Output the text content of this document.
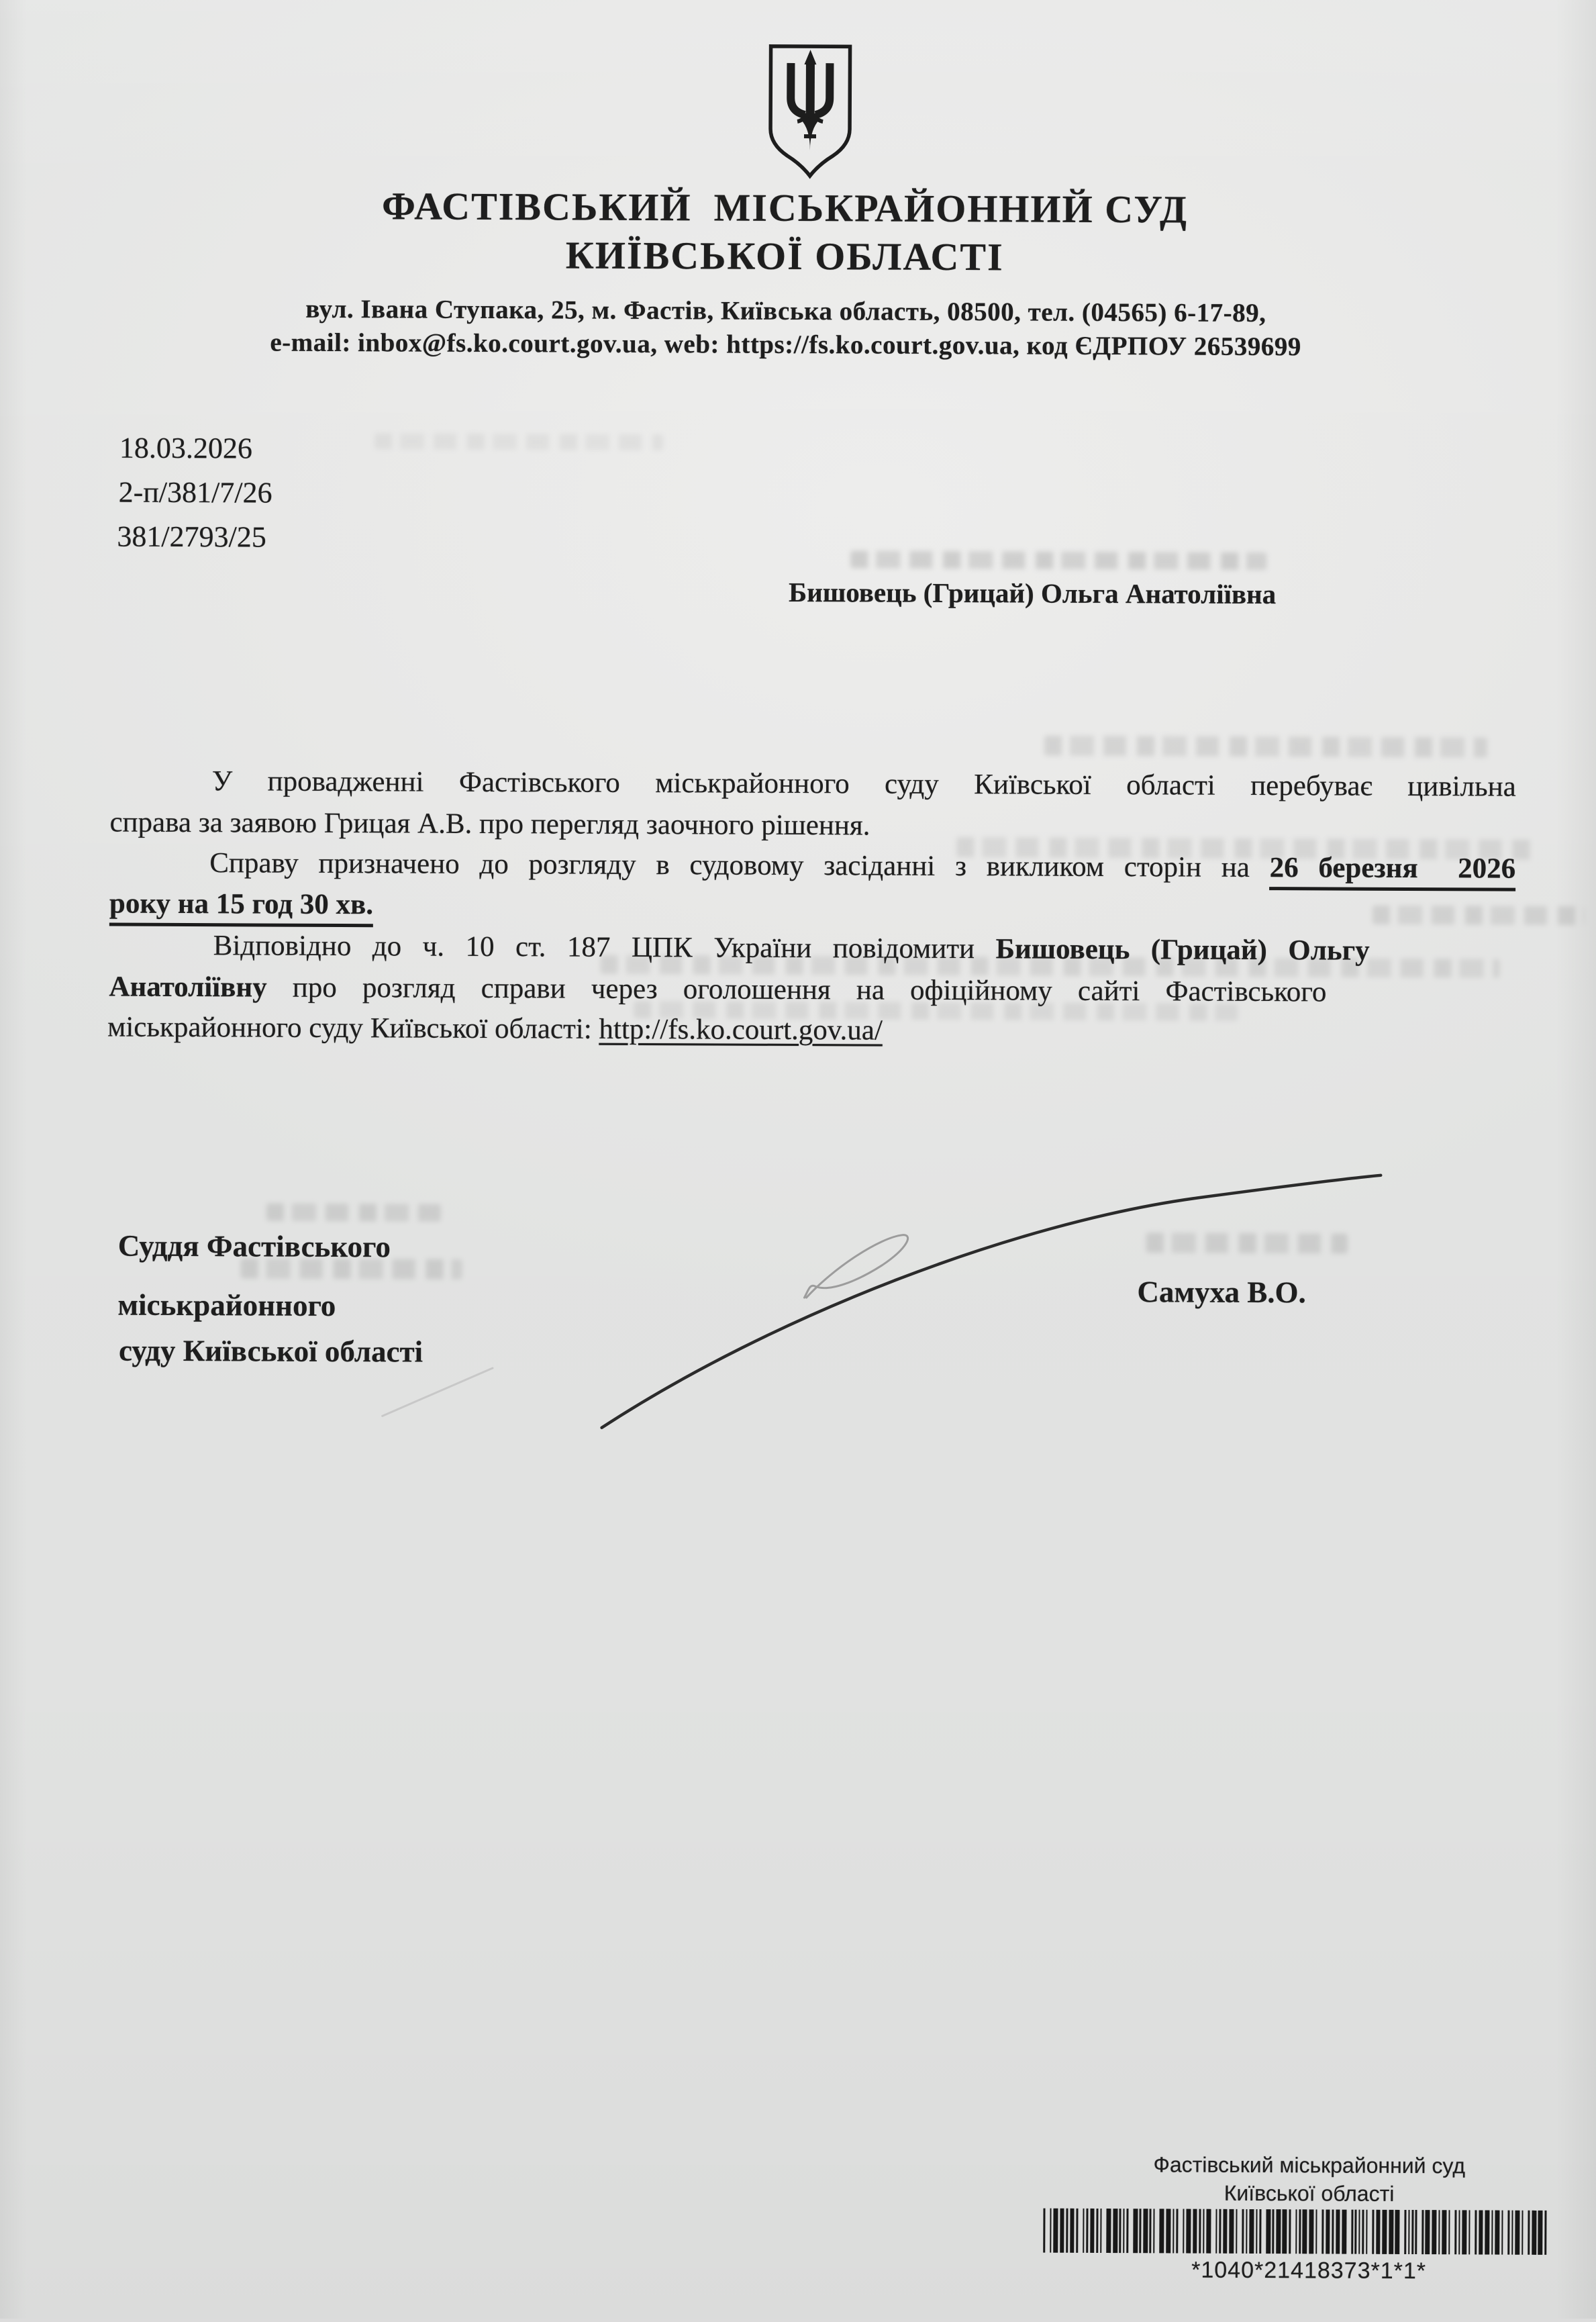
ФАСТІВСЬКИЙ  МІСЬКРАЙОННИЙ СУД
КИЇВСЬКОЇ ОБЛАСТІ
вул. Івана Ступака, 25, м. Фастів, Київська область, 08500, тел. (04565) 6-17-89,
e-mail: inbox@fs.ko.court.gov.ua, web: https://fs.ko.court.gov.ua, код ЄДРПОУ 26539699
18.03.2026
2-п/381/7/26
381/2793/25
Бишовець (Грицай) Ольга Анатоліївна
У провадженні Фастівського міськрайонного суду Київської області перебуває цивільна
справа за заявою Грицая А.В. про перегляд заочного рішення.
Справу призначено до розгляду в судовому засіданні з викликом сторін на 26 березня  2026
року на 15 год 30 хв.
Відповідно до ч. 10 ст. 187 ЦПК України повідомити Бишовець (Грицай) Ольгу
Анатоліївну про розгляд справи через оголошення на офіційному сайті Фастівського
міськрайонного суду Київської області: http://fs.ko.court.gov.ua/
Суддя Фастівського
міськрайонного
суду Київської області
Самуха В.О.
Фастівський міськрайонний суд
Київської області
*1040*21418373*1*1*
